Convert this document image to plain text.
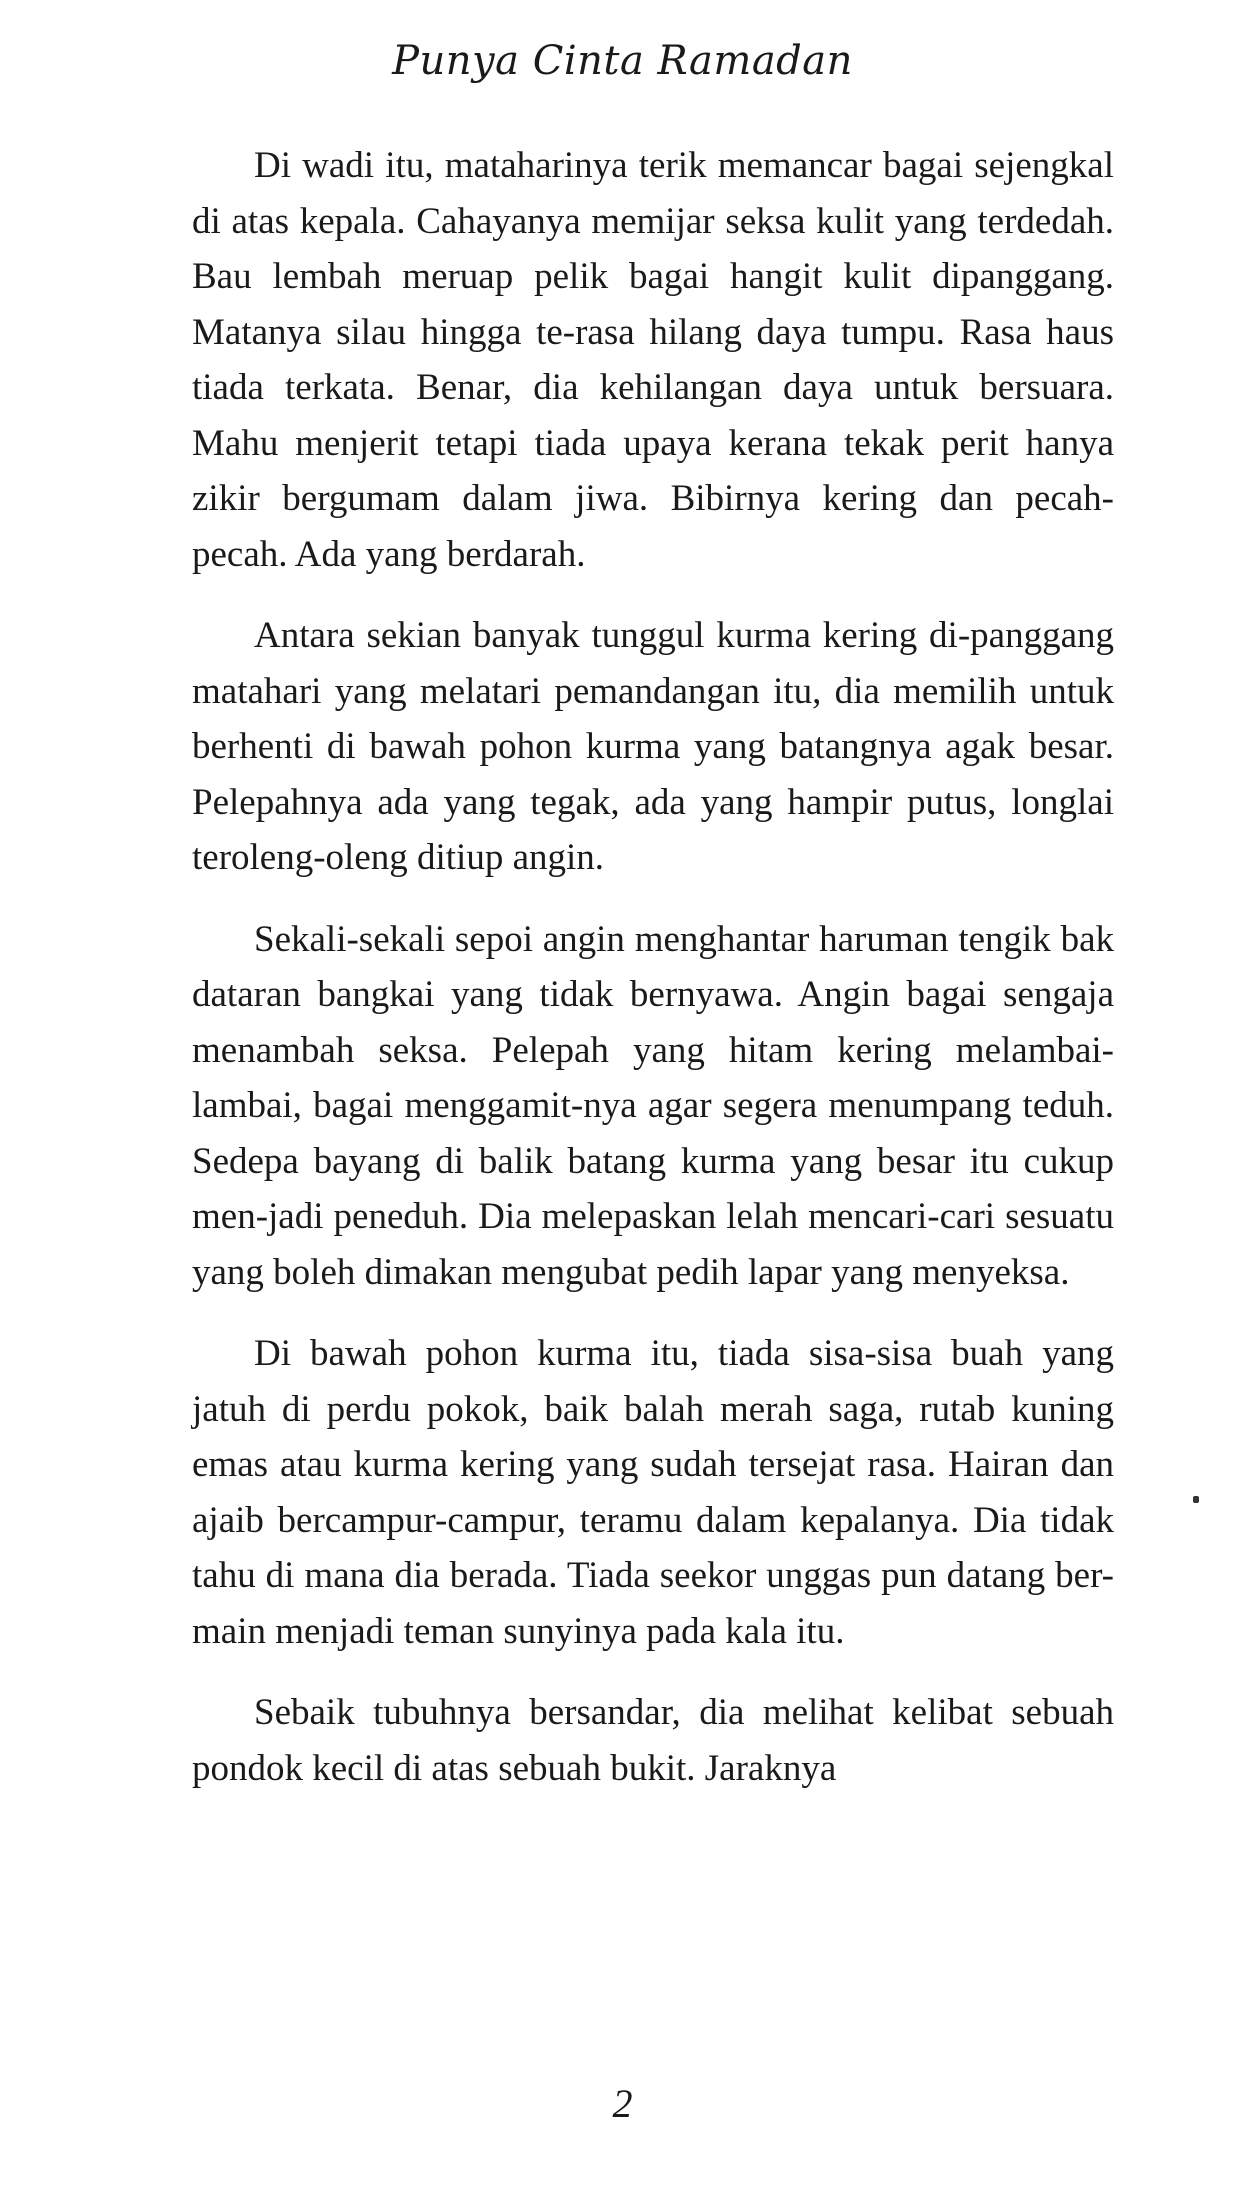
Punya Cinta Ramadan

Di wadi itu, mataharinya terik memancar bagai sejengkal di atas kepala. Cahayanya memijar seksa kulit yang terdedah. Bau lembah meruap pelik bagai hangit kulit dipanggang. Matanya silau hingga te-rasa hilang daya tumpu. Rasa haus tiada terkata. Benar, dia kehilangan daya untuk bersuara. Mahu menjerit tetapi tiada upaya kerana tekak perit hanya zikir bergumam dalam jiwa. Bibirnya kering dan pecah-pecah. Ada yang berdarah.

Antara sekian banyak tunggul kurma kering di-panggang matahari yang melatari pemandangan itu, dia memilih untuk berhenti di bawah pohon kurma yang batangnya agak besar. Pelepahnya ada yang tegak, ada yang hampir putus, longlai teroleng-oleng ditiup angin.

Sekali-sekali sepoi angin menghantar haruman tengik bak dataran bangkai yang tidak bernyawa. Angin bagai sengaja menambah seksa. Pelepah yang hitam kering melambai-lambai, bagai menggamit-nya agar segera menumpang teduh. Sedepa bayang di balik batang kurma yang besar itu cukup men-jadi peneduh. Dia melepaskan lelah mencari-cari sesuatu yang boleh dimakan mengubat pedih lapar yang menyeksa.

Di bawah pohon kurma itu, tiada sisa-sisa buah yang jatuh di perdu pokok, baik balah merah saga, rutab kuning emas atau kurma kering yang sudah tersejat rasa. Hairan dan ajaib bercampur-campur, teramu dalam kepalanya. Dia tidak tahu di mana dia berada. Tiada seekor unggas pun datang ber-main menjadi teman sunyinya pada kala itu.

Sebaik tubuhnya bersandar, dia melihat kelibat sebuah pondok kecil di atas sebuah bukit. Jaraknya

2
